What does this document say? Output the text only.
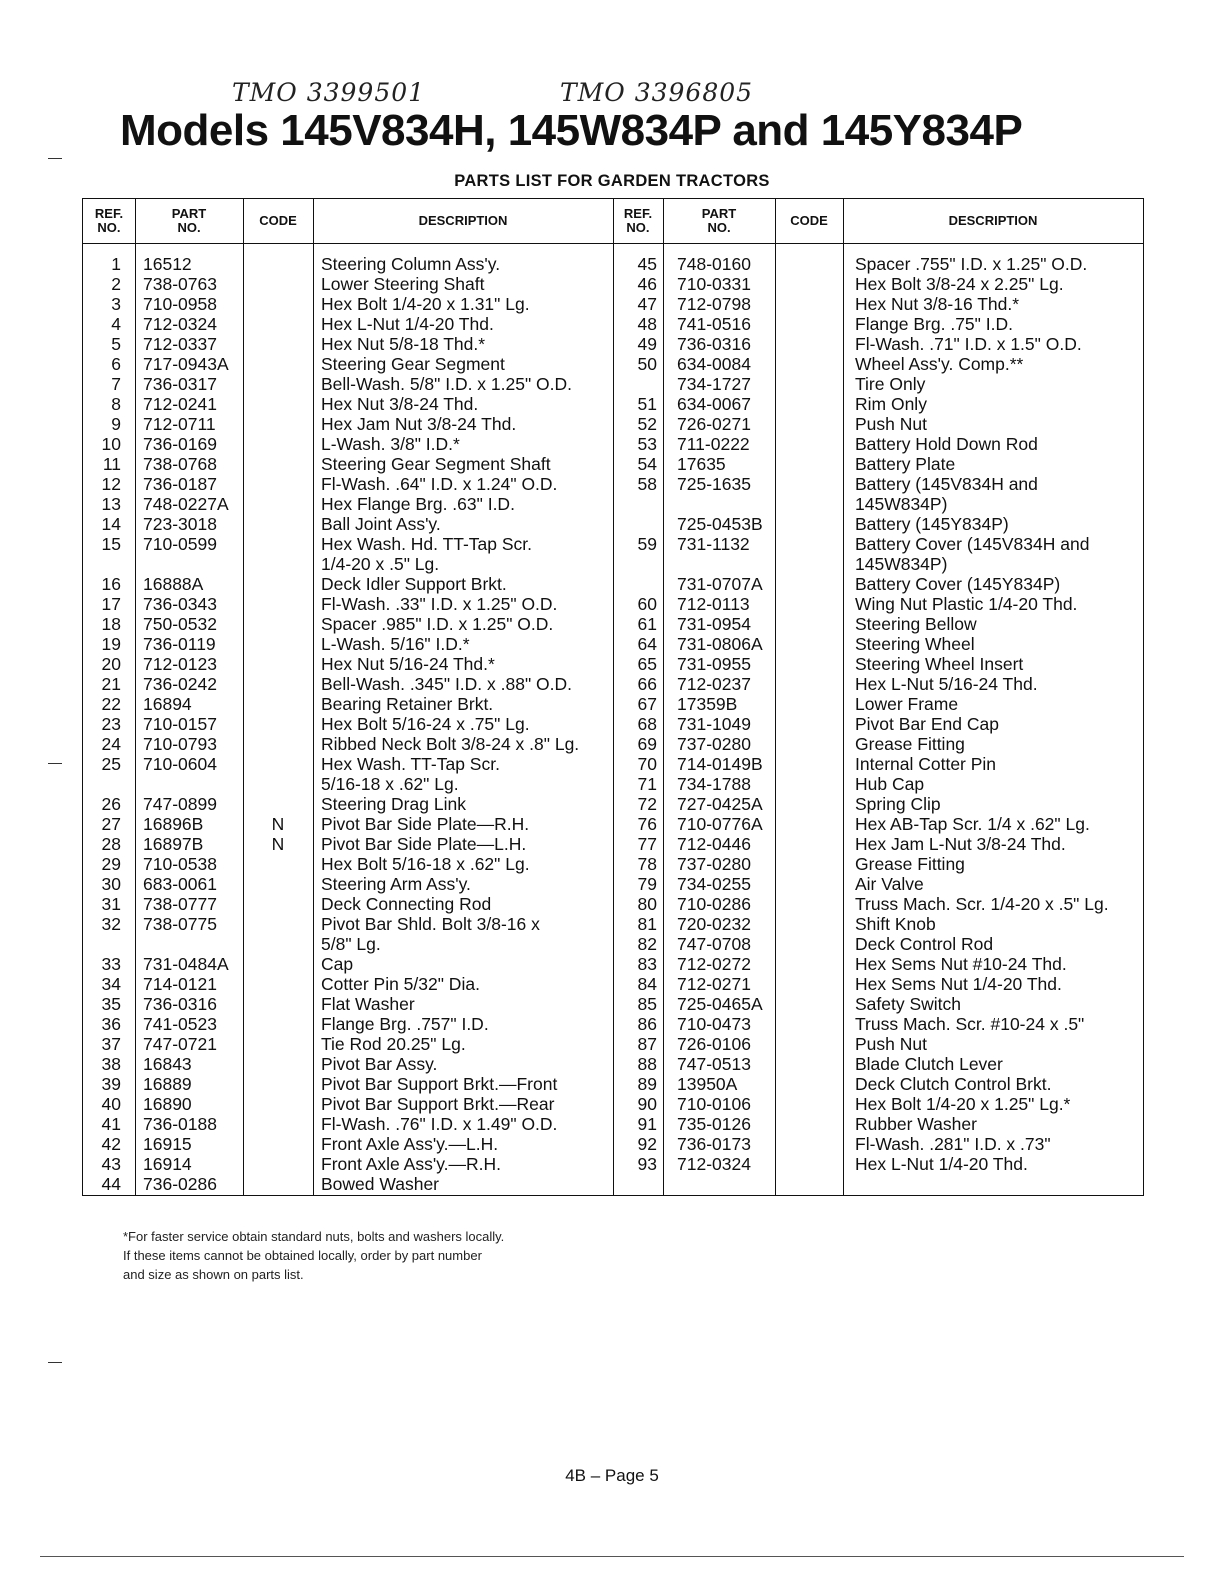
TMO 3399501	TMO 3396805
Models 145V834H, 145W834P and 145Y834P
PARTS LIST FOR GARDEN TRACTORS
REF.
NO.
PART
NO.	CODE	DESCRIPTION	REF.
NO.
PART
NO.	CODE	DESCRIPTION
1 16512	Steering Column Ass'y.
2 738-0763	Lower Steering Shaft
3 710-0958	Hex Bolt 1/4-20 x 1.31" Lg.
4 712-0324	Hex L-Nut 1/4-20 Thd.
5 712-0337	Hex Nut 5/8-18 Thd.*
6 717-0943A	Steering Gear Segment
7 736-0317	Bell-Wash. 5/8" I.D. x 1.25" O.D.
8 712-0241	Hex Nut 3/8-24 Thd.
9 712-0711	Hex Jam Nut 3/8-24 Thd.
10 736-0169	L-Wash. 3/8" I.D.*
11 738-0768	Steering Gear Segment Shaft
12 736-0187	Fl-Wash. .64" I.D. x 1.24" O.D.
13 748-0227A	Hex Flange Brg. .63" I.D.
14 723-3018	Ball Joint Ass'y.
15 710-0599	Hex Wash. Hd. TT-Tap Scr.
1/4-20 x .5" Lg.
16 16888A	Deck Idler Support Brkt.
17 736-0343	Fl-Wash. .33" I.D. x 1.25" O.D.
18 750-0532	Spacer .985" I.D. x 1.25" O.D.
19 736-0119	L-Wash. 5/16" I.D.*
20 712-0123	Hex Nut 5/16-24 Thd.*
21 736-0242	Bell-Wash. .345" I.D. x .88" O.D.
22 16894	Bearing Retainer Brkt.
23 710-0157	Hex Bolt 5/16-24 x .75" Lg.
24 710-0793	Ribbed Neck Bolt 3/8-24 x .8" Lg.
25 710-0604	Hex Wash. TT-Tap Scr.
5/16-18 x .62" Lg.
26 747-0899	Steering Drag Link
27 16896B	N	Pivot Bar Side Plate—R.H.
28 16897B	N	Pivot Bar Side Plate—L.H.
29 710-0538	Hex Bolt 5/16-18 x .62" Lg.
30 683-0061	Steering Arm Ass'y.
31 738-0777	Deck Connecting Rod
32 738-0775	Pivot Bar Shld. Bolt 3/8-16 x
5/8" Lg.
33 731-0484A	Cap
34 714-0121	Cotter Pin 5/32" Dia.
35 736-0316	Flat Washer
36 741-0523	Flange Brg. .757" I.D.
37 747-0721	Tie Rod 20.25" Lg.
38 16843	Pivot Bar Assy.
39 16889	Pivot Bar Support Brkt.—Front
40 16890	Pivot Bar Support Brkt.—Rear
41 736-0188	Fl-Wash. .76" I.D. x 1.49" O.D.
42 16915	Front Axle Ass'y.—L.H.
43 16914	Front Axle Ass'y.—R.H.
44 736-0286	Bowed Washer
45 748-0160	Spacer .755" I.D. x 1.25" O.D.
46 710-0331	Hex Bolt 3/8-24 x 2.25" Lg.
47 712-0798	Hex Nut 3/8-16 Thd.*
48 741-0516	Flange Brg. .75" I.D.
49 736-0316	Fl-Wash. .71" I.D. x 1.5" O.D.
50 634-0084	Wheel Ass'y. Comp.**
734-1727	Tire Only
51 634-0067	Rim Only
52 726-0271	Push Nut
53 711-0222	Battery Hold Down Rod
54 17635	Battery Plate
58 725-1635	Battery (145V834H and
145W834P)
725-0453B	Battery (145Y834P)
59 731-1132	Battery Cover (145V834H and
145W834P)
731-0707A	Battery Cover (145Y834P)
60 712-0113	Wing Nut Plastic 1/4-20 Thd.
61 731-0954	Steering Bellow
64 731-0806A	Steering Wheel
65 731-0955	Steering Wheel Insert
66 712-0237	Hex L-Nut 5/16-24 Thd.
67 17359B	Lower Frame
68 731-1049	Pivot Bar End Cap
69 737-0280	Grease Fitting
70 714-0149B	Internal Cotter Pin
71 734-1788	Hub Cap
72 727-0425A	Spring Clip
76 710-0776A	Hex AB-Tap Scr. 1/4 x .62" Lg.
77 712-0446	Hex Jam L-Nut 3/8-24 Thd.
78 737-0280	Grease Fitting
79 734-0255	Air Valve
80 710-0286	Truss Mach. Scr. 1/4-20 x .5" Lg.
81 720-0232	Shift Knob
82 747-0708	Deck Control Rod
83 712-0272	Hex Sems Nut #10-24 Thd.
84 712-0271	Hex Sems Nut 1/4-20 Thd.
85 725-0465A	Safety Switch
86 710-0473	Truss Mach. Scr. #10-24 x .5"
87 726-0106	Push Nut
88 747-0513	Blade Clutch Lever
89 13950A	Deck Clutch Control Brkt.
90 710-0106	Hex Bolt 1/4-20 x 1.25" Lg.*
91 735-0126	Rubber Washer
92 736-0173	Fl-Wash. .281" I.D. x .73"
93 712-0324	Hex L-Nut 1/4-20 Thd.
*For faster service obtain standard nuts, bolts and washers locally.
If these items cannot be obtained locally, order by part number
and size as shown on parts list.
4B – Page 5
